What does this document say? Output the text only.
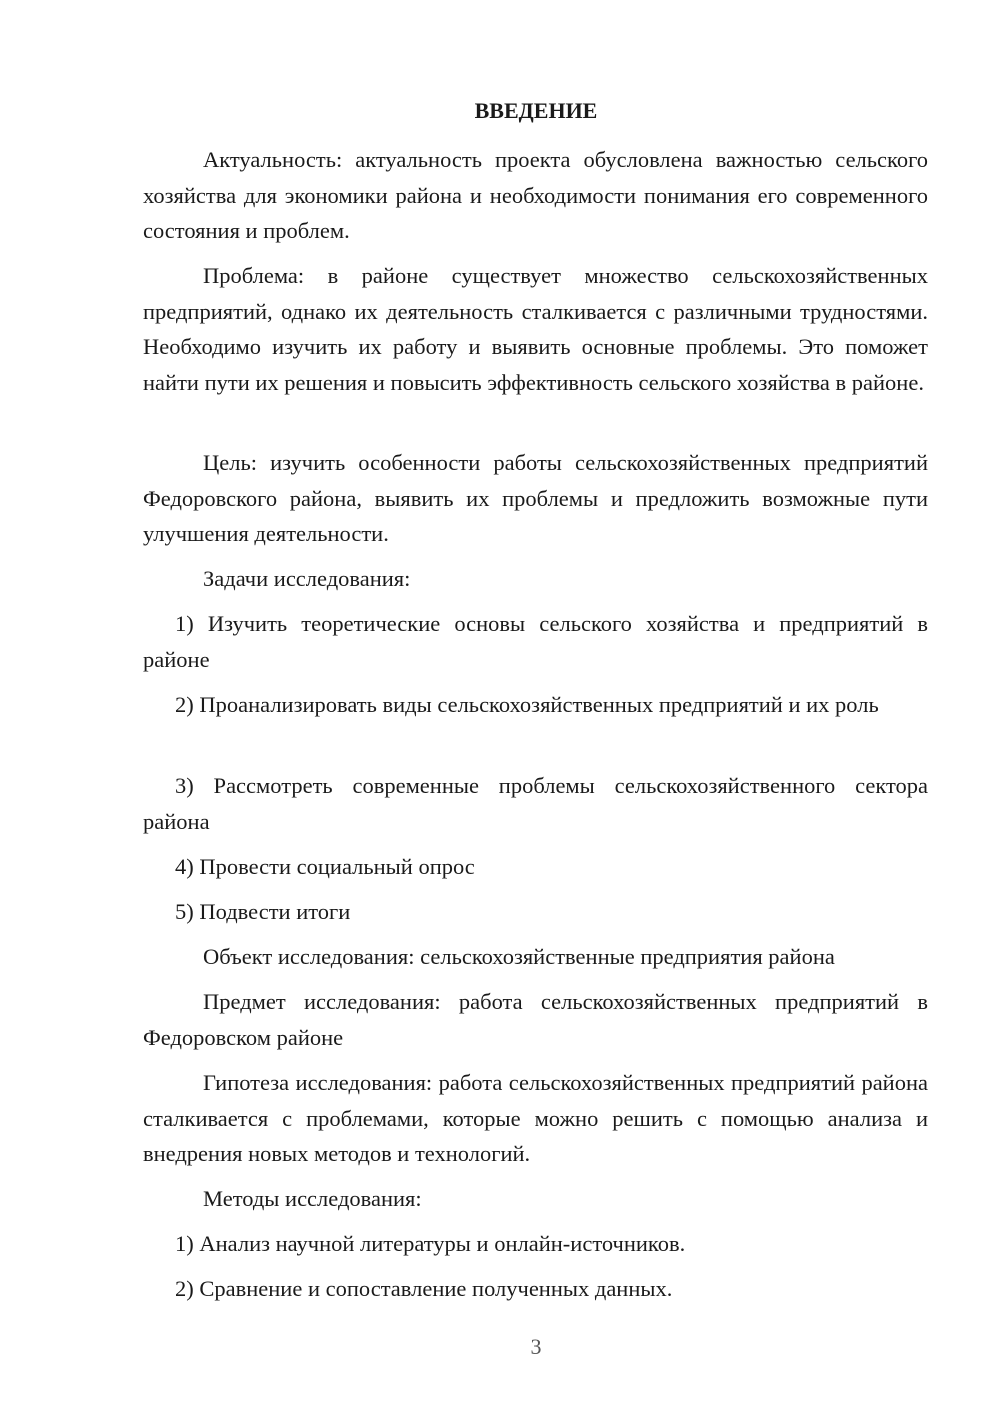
ВВЕДЕНИЕ

Актуальность: актуальность проекта обусловлена важностью сельского хозяйства для экономики района и необходимости понимания его современного состояния и проблем.

Проблема: в районе существует множество сельскохозяйственных предприятий, однако их деятельность сталкивается с различными трудностями. Необходимо изучить их работу и выявить основные проблемы. Это поможет найти пути их решения и повысить эффективность сельского хозяйства в районе.

Цель: изучить особенности работы сельскохозяйственных предприятий Федоровского района, выявить их проблемы и предложить возможные пути улучшения деятельности.

Задачи исследования:

1) Изучить теоретические основы сельского хозяйства и предприятий в районе

2) Проанализировать виды сельскохозяйственных предприятий и их роль

3) Рассмотреть современные проблемы сельскохозяйственного сектора района

4) Провести социальный опрос

5) Подвести итоги

Объект исследования: сельскохозяйственные предприятия района

Предмет исследования: работа сельскохозяйственных предприятий в Федоровском районе

Гипотеза исследования: работа сельскохозяйственных предприятий района сталкивается с проблемами, которые можно решить с помощью анализа и внедрения новых методов и технологий.

Методы исследования:

1) Анализ научной литературы и онлайн-источников.

2) Сравнение и сопоставление полученных данных.

3
